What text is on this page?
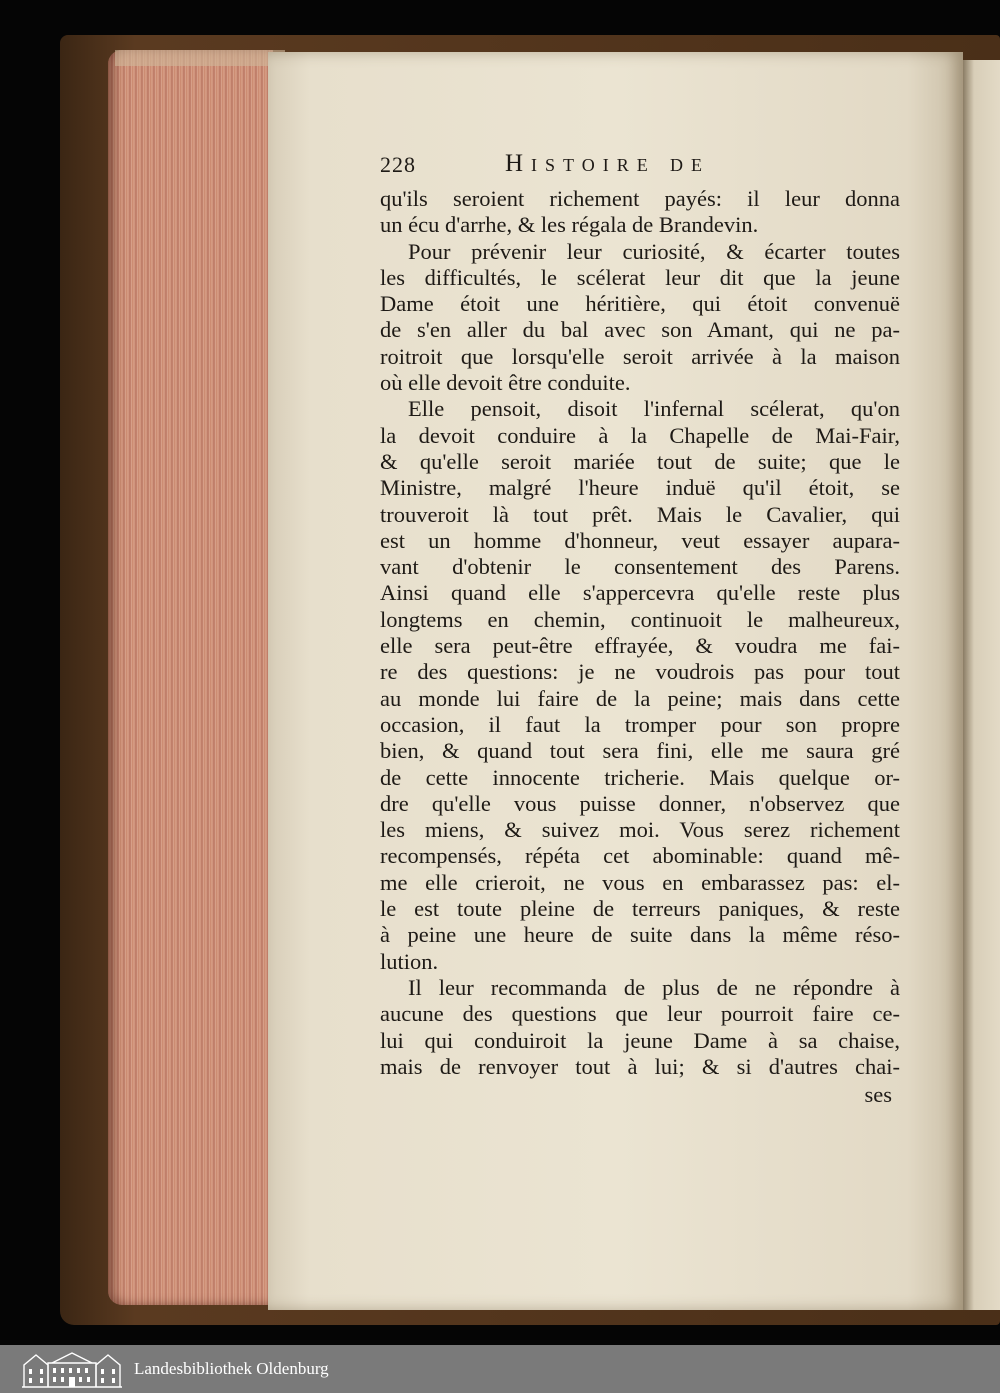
228	Histoire de
qu'ils seroient richement payés: il leur donna
un écu d'arrhe, & les régala de Brandevin.
Pour prévenir leur curiosité, & écarter toutes
les difficultés, le scélerat leur dit que la jeune
Dame étoit une héritière, qui étoit convenuë
de s'en aller du bal avec son Amant, qui ne pa-
roitroit que lorsqu'elle seroit arrivée à la maison
où elle devoit être conduite.
Elle pensoit, disoit l'infernal scélerat, qu'on
la devoit conduire à la Chapelle de Mai-Fair,
& qu'elle seroit mariée tout de suite; que le
Ministre, malgré l'heure induë qu'il étoit, se
trouveroit là tout prêt. Mais le Cavalier, qui
est un homme d'honneur, veut essayer aupara-
vant d'obtenir le consentement des Parens.
Ainsi quand elle s'appercevra qu'elle reste plus
longtems en chemin, continuoit le malheureux,
elle sera peut-être effrayée, & voudra me fai-
re des questions: je ne voudrois pas pour tout
au monde lui faire de la peine; mais dans cette
occasion, il faut la tromper pour son propre
bien, & quand tout sera fini, elle me saura gré
de cette innocente tricherie. Mais quelque or-
dre qu'elle vous puisse donner, n'observez que
les miens, & suivez moi. Vous serez richement
recompensés, répéta cet abominable: quand mê-
me elle crieroit, ne vous en embarassez pas: el-
le est toute pleine de terreurs paniques, & reste
à peine une heure de suite dans la même réso-
lution.
Il leur recommanda de plus de ne répondre à
aucune des questions que leur pourroit faire ce-
lui qui conduiroit la jeune Dame à sa chaise,
mais de renvoyer tout à lui; & si d'autres chai-
ses
Landesbibliothek Oldenburg
